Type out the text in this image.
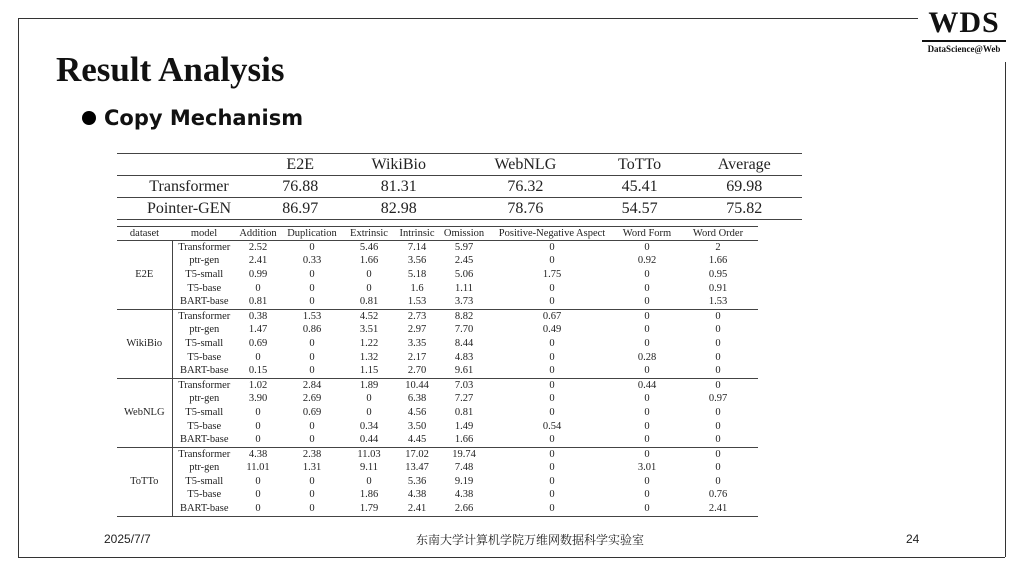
WDS
DataScience@Web
Result Analysis
Copy Mechanism
	E2E	WikiBio	WebNLG	ToTTo	Average
Transformer	76.88	81.31	76.32	45.41	69.98
Pointer-GEN	86.97	82.98	78.76	54.57	75.82
dataset	model	Addition	Duplication	Extrinsic	Intrinsic	Omission	Positive-Negative Aspect	Word Form	Word Order
E2E	Transformer	2.52	0	5.46	7.14	5.97	0	0	2
	ptr-gen	2.41	0.33	1.66	3.56	2.45	0	0.92	1.66
	T5-small	0.99	0	0	5.18	5.06	1.75	0	0.95
	T5-base	0	0	0	1.6	1.11	0	0	0.91
	BART-base	0.81	0	0.81	1.53	3.73	0	0	1.53
WikiBio	Transformer	0.38	1.53	4.52	2.73	8.82	0.67	0	0
	ptr-gen	1.47	0.86	3.51	2.97	7.70	0.49	0	0
	T5-small	0.69	0	1.22	3.35	8.44	0	0	0
	T5-base	0	0	1.32	2.17	4.83	0	0.28	0
	BART-base	0.15	0	1.15	2.70	9.61	0	0	0
WebNLG	Transformer	1.02	2.84	1.89	10.44	7.03	0	0.44	0
	ptr-gen	3.90	2.69	0	6.38	7.27	0	0	0.97
	T5-small	0	0.69	0	4.56	0.81	0	0	0
	T5-base	0	0	0.34	3.50	1.49	0.54	0	0
	BART-base	0	0	0.44	4.45	1.66	0	0	0
ToTTo	Transformer	4.38	2.38	11.03	17.02	19.74	0	0	0
	ptr-gen	11.01	1.31	9.11	13.47	7.48	0	3.01	0
	T5-small	0	0	0	5.36	9.19	0	0	0
	T5-base	0	0	1.86	4.38	4.38	0	0	0.76
	BART-base	0	0	1.79	2.41	2.66	0	0	2.41
2025/7/7	东南大学计算机学院万维网数据科学实验室	24
